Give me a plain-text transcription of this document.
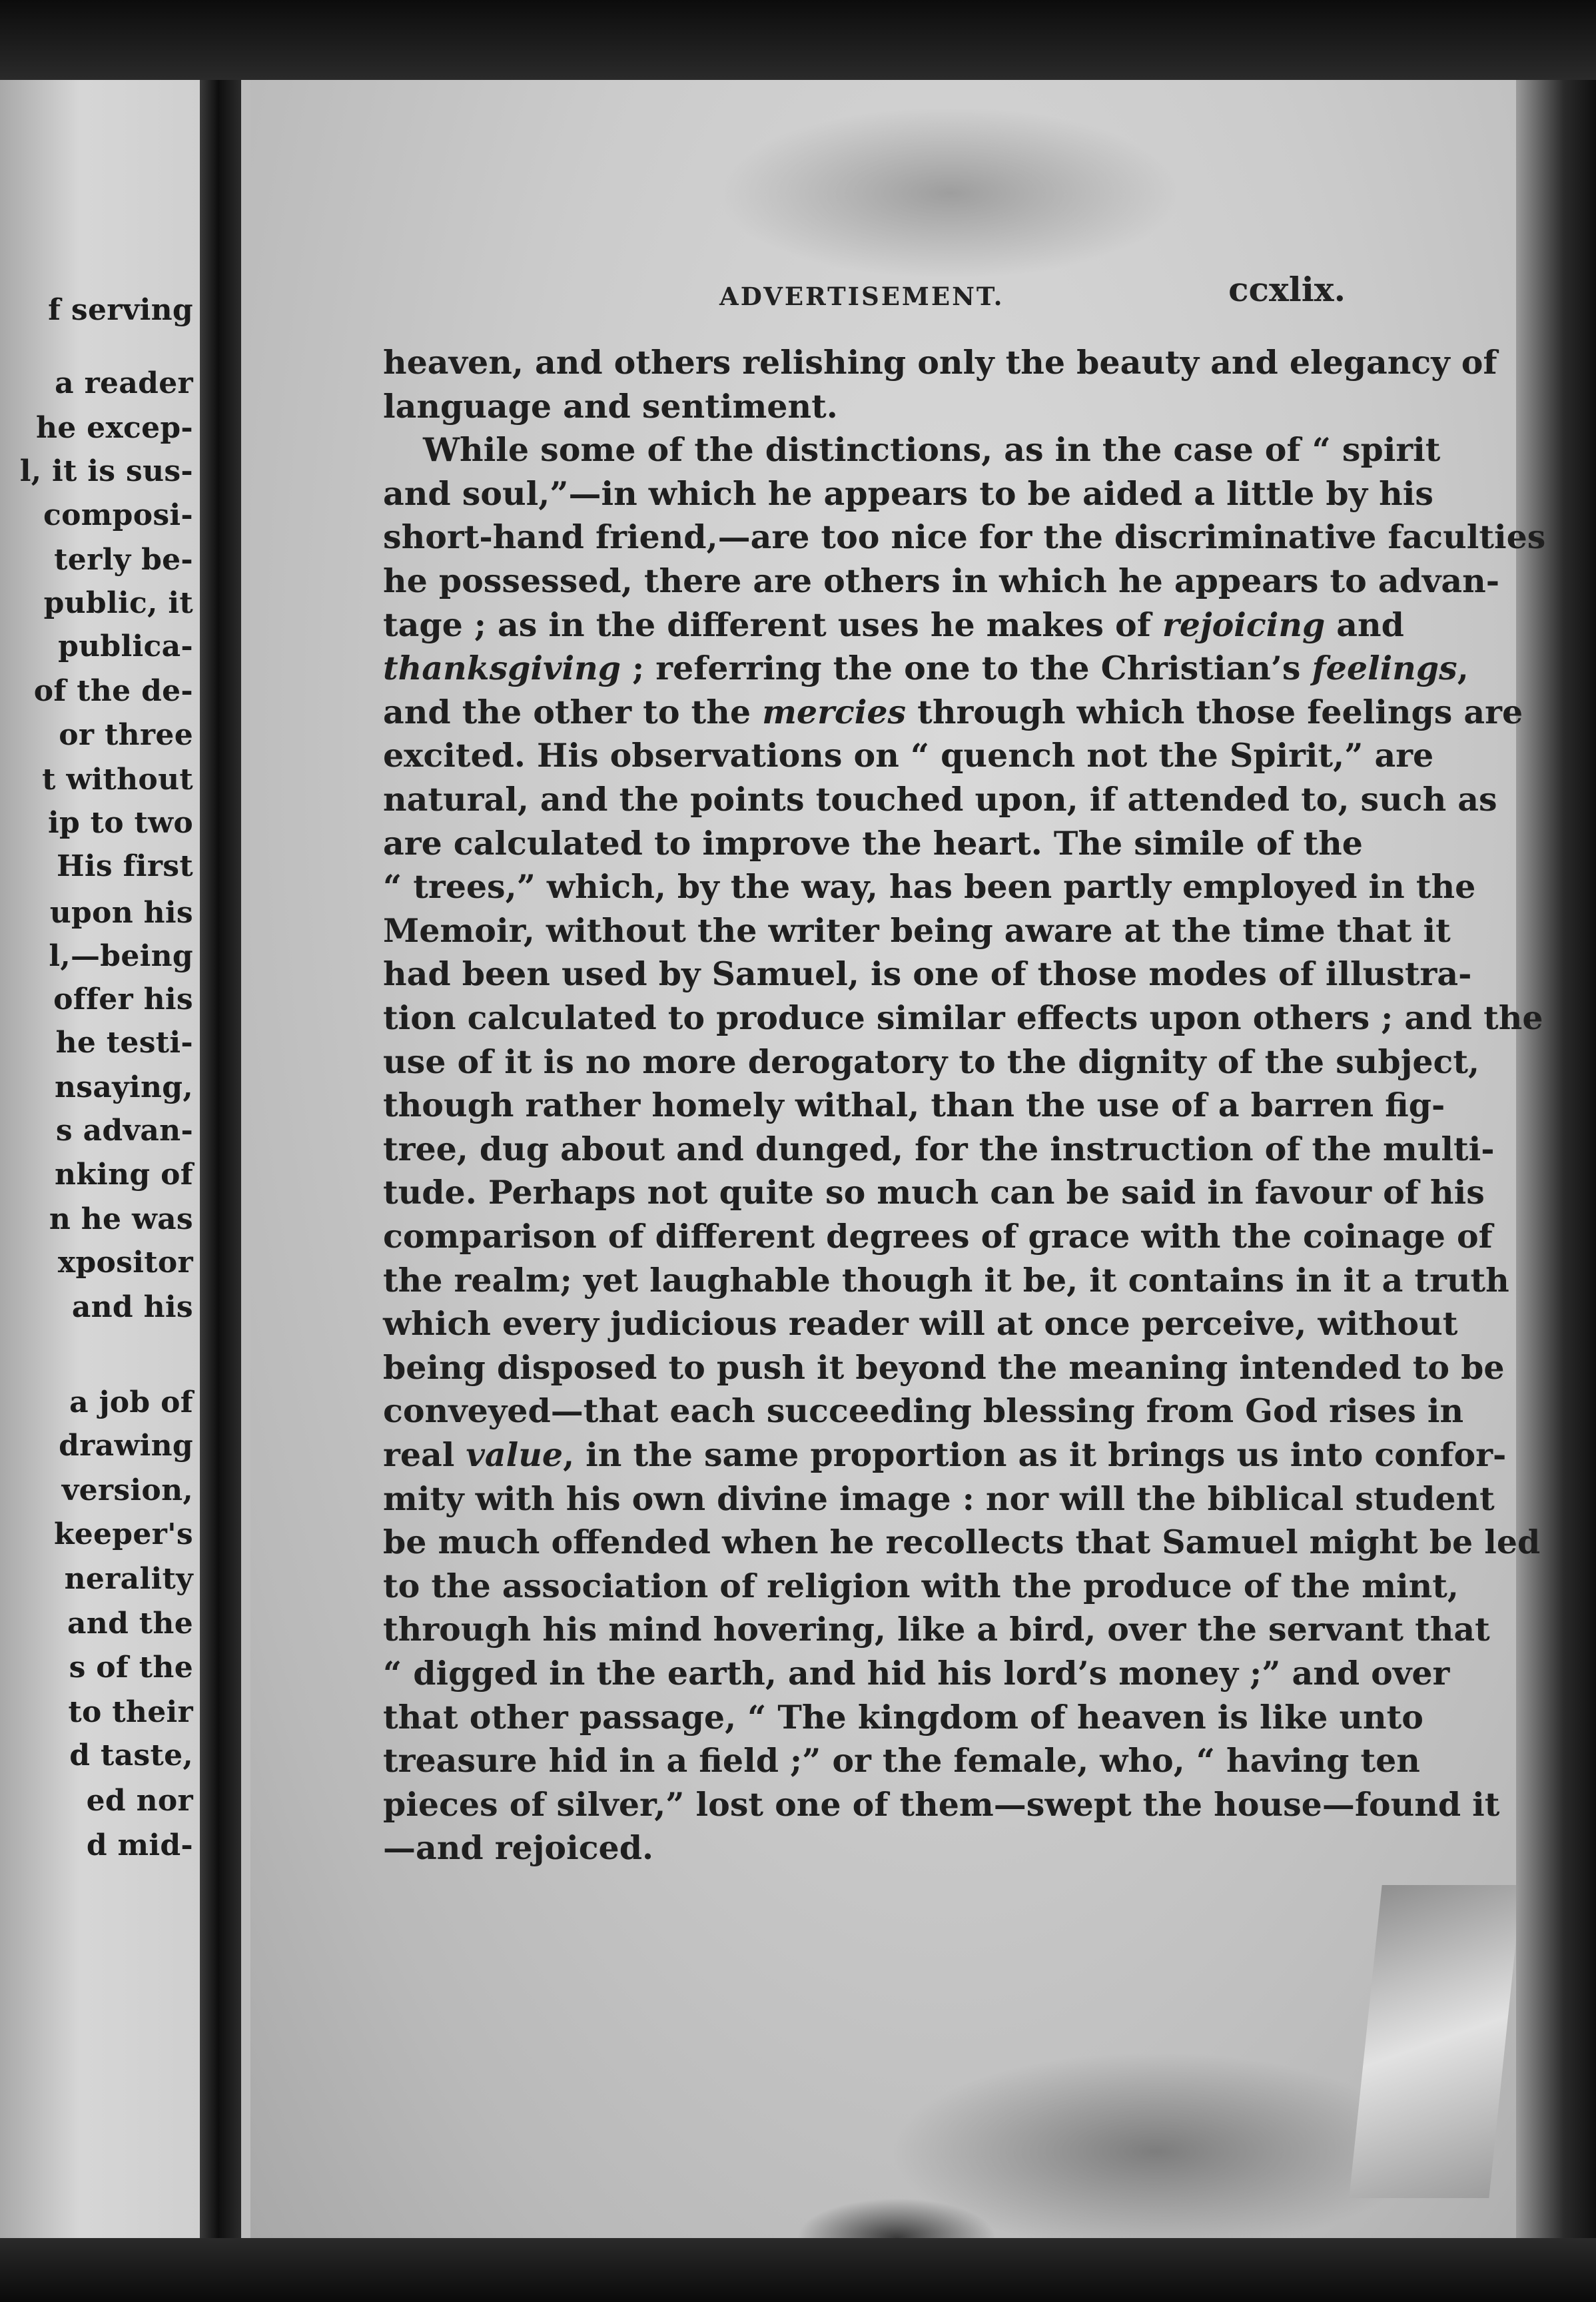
f serving
a reader
he excep-
l, it is sus-
composi-
terly be-
public, it
publica-
of the de-
or three
t without
ip to two
His first
upon his
l,—being
offer his
he testi-
nsaying,
s advan-
nking of
n he was
xpositor
and his
a job of
drawing
version,
keeper's
nerality
and the
s of the
to their
d taste,
ed nor
d mid-
ADVERTISEMENT.	ccxlix.
heaven, and others relishing only the beauty and elegancy of
language and sentiment.
While some of the distinctions, as in the case of “ spirit
and soul,”—in which he appears to be aided a little by his
short-hand friend,—are too nice for the discriminative faculties
he possessed, there are others in which he appears to advan-
tage ; as in the different uses he makes of rejoicing and
thanksgiving ; referring the one to the Christian’s feelings,
and the other to the mercies through which those feelings are
excited. His observations on “ quench not the Spirit,” are
natural, and the points touched upon, if attended to, such as
are calculated to improve the heart. The simile of the
“ trees,” which, by the way, has been partly employed in the
Memoir, without the writer being aware at the time that it
had been used by Samuel, is one of those modes of illustra-
tion calculated to produce similar effects upon others ; and the
use of it is no more derogatory to the dignity of the subject,
though rather homely withal, than the use of a barren fig-
tree, dug about and dunged, for the instruction of the multi-
tude. Perhaps not quite so much can be said in favour of his
comparison of different degrees of grace with the coinage of
the realm; yet laughable though it be, it contains in it a truth
which every judicious reader will at once perceive, without
being disposed to push it beyond the meaning intended to be
conveyed—that each succeeding blessing from God rises in
real value, in the same proportion as it brings us into confor-
mity with his own divine image : nor will the biblical student
be much offended when he recollects that Samuel might be led
to the association of religion with the produce of the mint,
through his mind hovering, like a bird, over the servant that
“ digged in the earth, and hid his lord’s money ;” and over
that other passage, “ The kingdom of heaven is like unto
treasure hid in a field ;” or the female, who, “ having ten
pieces of silver,” lost one of them—swept the house—found it
—and rejoiced.
